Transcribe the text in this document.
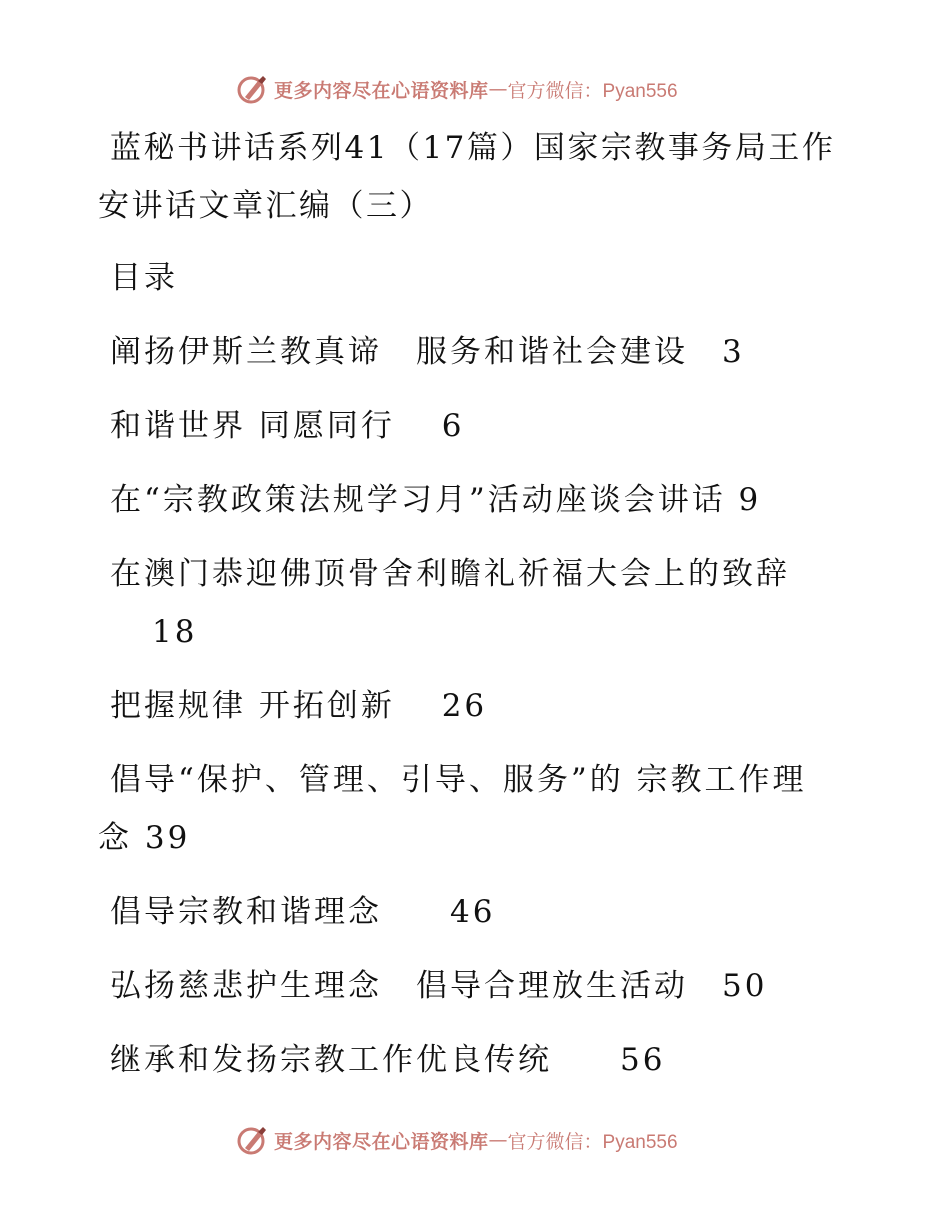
更多内容尽在心语资料库 — 官方微信：Pyan556
蓝秘书讲话系列41（17篇）国家宗教事务局王作
安讲话文章汇编（三）
目录
阐扬伊斯兰教真谛　服务和谐社会建设　3
和谐世界 同愿同行　 6
在“宗教政策法规学习月”活动座谈会讲话 9
在澳门恭迎佛顶骨舍利瞻礼祈福大会上的致辞
18
把握规律 开拓创新　 26
倡导“保护、管理、引导、服务”的 宗教工作理
念 39
倡导宗教和谐理念　　46
弘扬慈悲护生理念　倡导合理放生活动　50
继承和发扬宗教工作优良传统　　56
更多内容尽在心语资料库 — 官方微信：Pyan556
